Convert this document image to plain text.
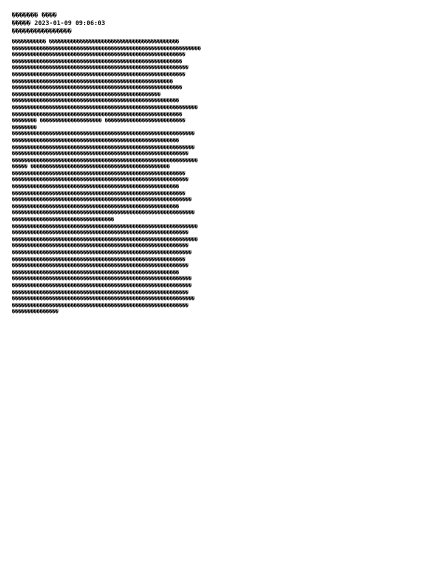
������� ����
����� 2023-01-09 09:06:03
����������������
����������� ������������������������������������������
�������������������������������������������������������������
��������������������������������������������������������
�������������������������������������������������������
���������������������������������������������������������
��������������������������������������������������������
����������������������������������������������������
�������������������������������������������������������
������������������������������������������������
������������������������������������������������������
������������������������������������������������������������
�������������������������������������������������������
�������� �������������������� ��������������������������
��������
�����������������������������������������������������������
������������������������������������������������������
�����������������������������������������������������������
���������������������������������������������������������
������������������������������������������������������������
����� ���������������������������������������������
��������������������������������������������������������
���������������������������������������������������������
������������������������������������������������������
��������������������������������������������������������
����������������������������������������������������������
������������������������������������������������������
�����������������������������������������������������������
���������������������������������
������������������������������������������������������������
���������������������������������������������������������
������������������������������������������������������������
���������������������������������������������������������
����������������������������������������������������������
��������������������������������������������������������
���������������������������������������������������������
������������������������������������������������������
����������������������������������������������������������
����������������������������������������������������������
���������������������������������������������������������
�����������������������������������������������������������
���������������������������������������������������������
���������������
